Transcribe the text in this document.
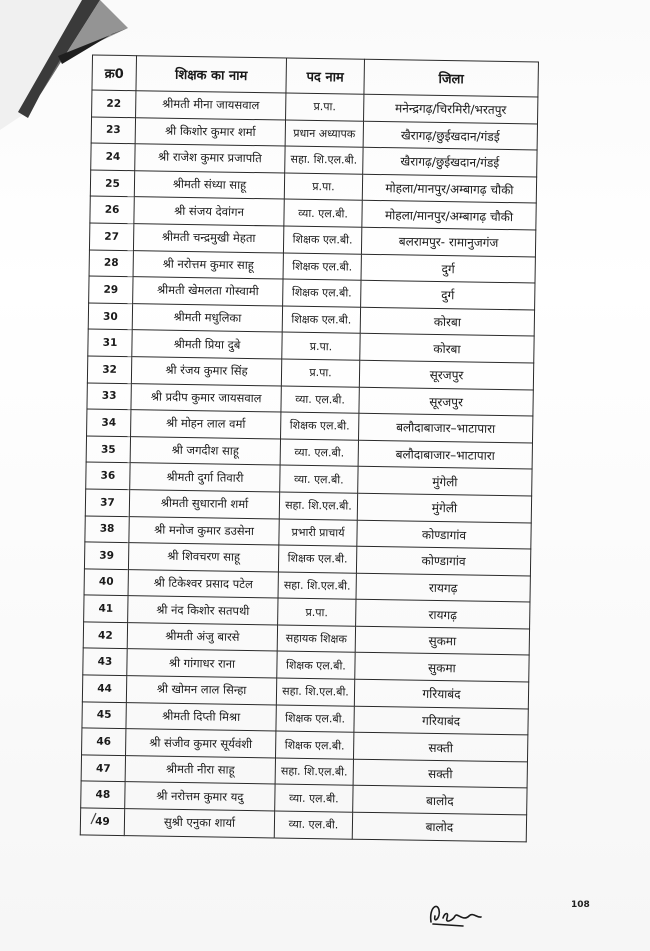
क्र0	शिक्षक का नाम	पद नाम	जिला
22	श्रीमती मीना जायसवाल	प्र.पा.	मनेन्द्रगढ़/चिरमिरी/भरतपुर
23	श्री किशोर कुमार शर्मा	प्रधान अध्यापक	खैरागढ़/छुईखदान/गंडई
24	श्री राजेश कुमार प्रजापति	सहा. शि.एल.बी.	खैरागढ़/छुईखदान/गंडई
25	श्रीमती संध्या साहू	प्र.पा.	मोहला/मानपुर/अम्बागढ़ चौकी
26	श्री संजय देवांगन	व्या. एल.बी.	मोहला/मानपुर/अम्बागढ़ चौकी
27	श्रीमती चन्द्रमुखी मेहता	शिक्षक एल.बी.	बलरामपुर- रामानुजगंज
28	श्री नरोत्तम कुमार साहू	शिक्षक एल.बी.	दुर्ग
29	श्रीमती खेमलता गोस्वामी	शिक्षक एल.बी.	दुर्ग
30	श्रीमती मधुलिका	शिक्षक एल.बी.	कोरबा
31	श्रीमती प्रिया दुबे	प्र.पा.	कोरबा
32	श्री रंजय कुमार सिंह	प्र.पा.	सूरजपुर
33	श्री प्रदीप कुमार जायसवाल	व्या. एल.बी.	सूरजपुर
34	श्री मोहन लाल वर्मा	शिक्षक एल.बी.	बलौदाबाजार–भाटापारा
35	श्री जगदीश साहू	व्या. एल.बी.	बलौदाबाजार–भाटापारा
36	श्रीमती दुर्गा तिवारी	व्या. एल.बी.	मुंगेली
37	श्रीमती सुधारानी शर्मा	सहा. शि.एल.बी.	मुंगेली
38	श्री मनोज कुमार डउसेना	प्रभारी प्राचार्य	कोण्डागांव
39	श्री शिवचरण साहू	शिक्षक एल.बी.	कोण्डागांव
40	श्री टिकेश्वर प्रसाद पटेल	सहा. शि.एल.बी.	रायगढ़
41	श्री नंद किशोर सतपथी	प्र.पा.	रायगढ़
42	श्रीमती अंजु बारसे	सहायक शिक्षक	सुकमा
43	श्री गांगाधर राना	शिक्षक एल.बी.	सुकमा
44	श्री खोमन लाल सिन्हा	सहा. शि.एल.बी.	गरियाबंद
45	श्रीमती दिप्ती मिश्रा	शिक्षक एल.बी.	गरियाबंद
46	श्री संजीव कुमार सूर्यवंशी	शिक्षक एल.बी.	सक्ती
47	श्रीमती नीरा साहू	सहा. शि.एल.बी.	सक्ती
48	श्री नरोत्तम कुमार यदु	व्या. एल.बी.	बालोद
49	सुश्री एनुका शार्या	व्या. एल.बी.	बालोद
108
